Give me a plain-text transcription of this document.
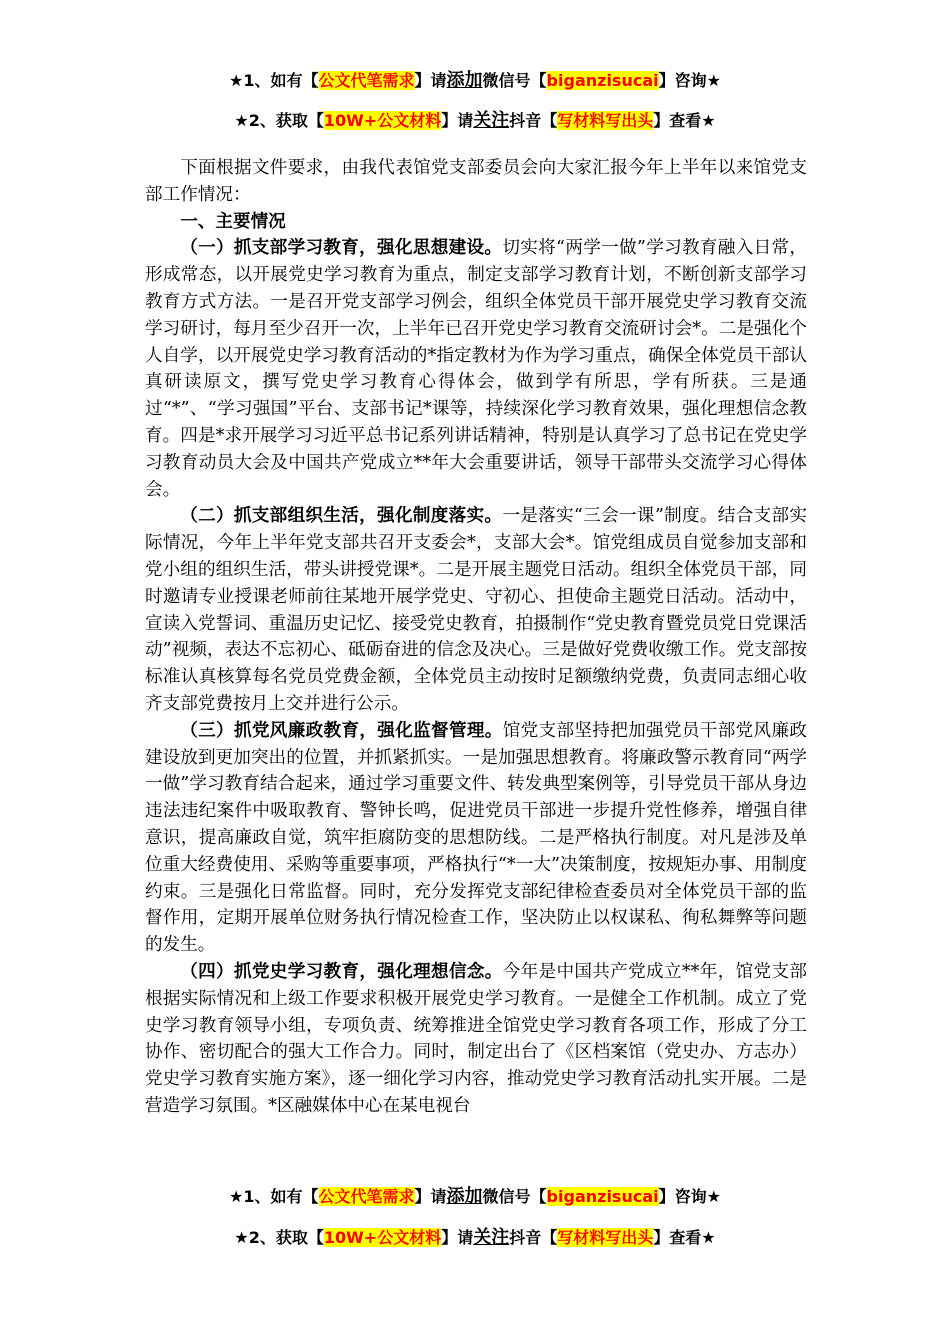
★1、如有【公文代笔需求】请添加微信号【biganzisucai】咨询★
★2、获取【10W+公文材料】请关注抖音【写材料写出头】查看★

下面根据文件要求，由我代表馆党支部委员会向大家汇报今年上半年以来馆党支部工作情况：

一、主要情况

（一）抓支部学习教育，强化思想建设。切实将“两学一做”学习教育融入日常，形成常态，以开展党史学习教育为重点，制定支部学习教育计划，不断创新支部学习教育方式方法。一是召开党支部学习例会，组织全体党员干部开展党史学习教育交流学习研讨，每月至少召开一次，上半年已召开党史学习教育交流研讨会*。二是强化个人自学，以开展党史学习教育活动的*指定教材为作为学习重点，确保全体党员干部认真研读原文，撰写党史学习教育心得体会，做到学有所思，学有所获。三是通过“*”、“学习强国”平台、支部书记*课等，持续深化学习教育效果，强化理想信念教育。四是*求开展学习习近平总书记系列讲话精神，特别是认真学习了总书记在党史学习教育动员大会及中国共产党成立**年大会重要讲话，领导干部带头交流学习心得体会。

（二）抓支部组织生活，强化制度落实。一是落实“三会一课”制度。结合支部实际情况，今年上半年党支部共召开支委会*，支部大会*。馆党组成员自觉参加支部和党小组的组织生活，带头讲授党课*。二是开展主题党日活动。组织全体党员干部，同时邀请专业授课老师前往某地开展学党史、守初心、担使命主题党日活动。活动中，宣读入党誓词、重温历史记忆、接受党史教育，拍摄制作“党史教育暨党员党日党课活动”视频，表达不忘初心、砥砺奋进的信念及决心。三是做好党费收缴工作。党支部按标准认真核算每名党员党费金额，全体党员主动按时足额缴纳党费，负责同志细心收齐支部党费按月上交并进行公示。

（三）抓党风廉政教育，强化监督管理。馆党支部坚持把加强党员干部党风廉政建设放到更加突出的位置，并抓紧抓实。一是加强思想教育。将廉政警示教育同“两学一做”学习教育结合起来，通过学习重要文件、转发典型案例等，引导党员干部从身边违法违纪案件中吸取教育、警钟长鸣，促进党员干部进一步提升党性修养，增强自律意识，提高廉政自觉，筑牢拒腐防变的思想防线。二是严格执行制度。对凡是涉及单位重大经费使用、采购等重要事项，严格执行“*一大”决策制度，按规矩办事、用制度约束。三是强化日常监督。同时，充分发挥党支部纪律检查委员对全体党员干部的监督作用，定期开展单位财务执行情况检查工作，坚决防止以权谋私、徇私舞弊等问题的发生。

（四）抓党史学习教育，强化理想信念。今年是中国共产党成立**年，馆党支部根据实际情况和上级工作要求积极开展党史学习教育。一是健全工作机制。成立了党史学习教育领导小组，专项负责、统筹推进全馆党史学习教育各项工作，形成了分工协作、密切配合的强大工作合力。同时，制定出台了《区档案馆（党史办、方志办）党史学习教育实施方案》，逐一细化学习内容，推动党史学习教育活动扎实开展。二是营造学习氛围。*区融媒体中心在某电视台

★1、如有【公文代笔需求】请添加微信号【biganzisucai】咨询★
★2、获取【10W+公文材料】请关注抖音【写材料写出头】查看★
